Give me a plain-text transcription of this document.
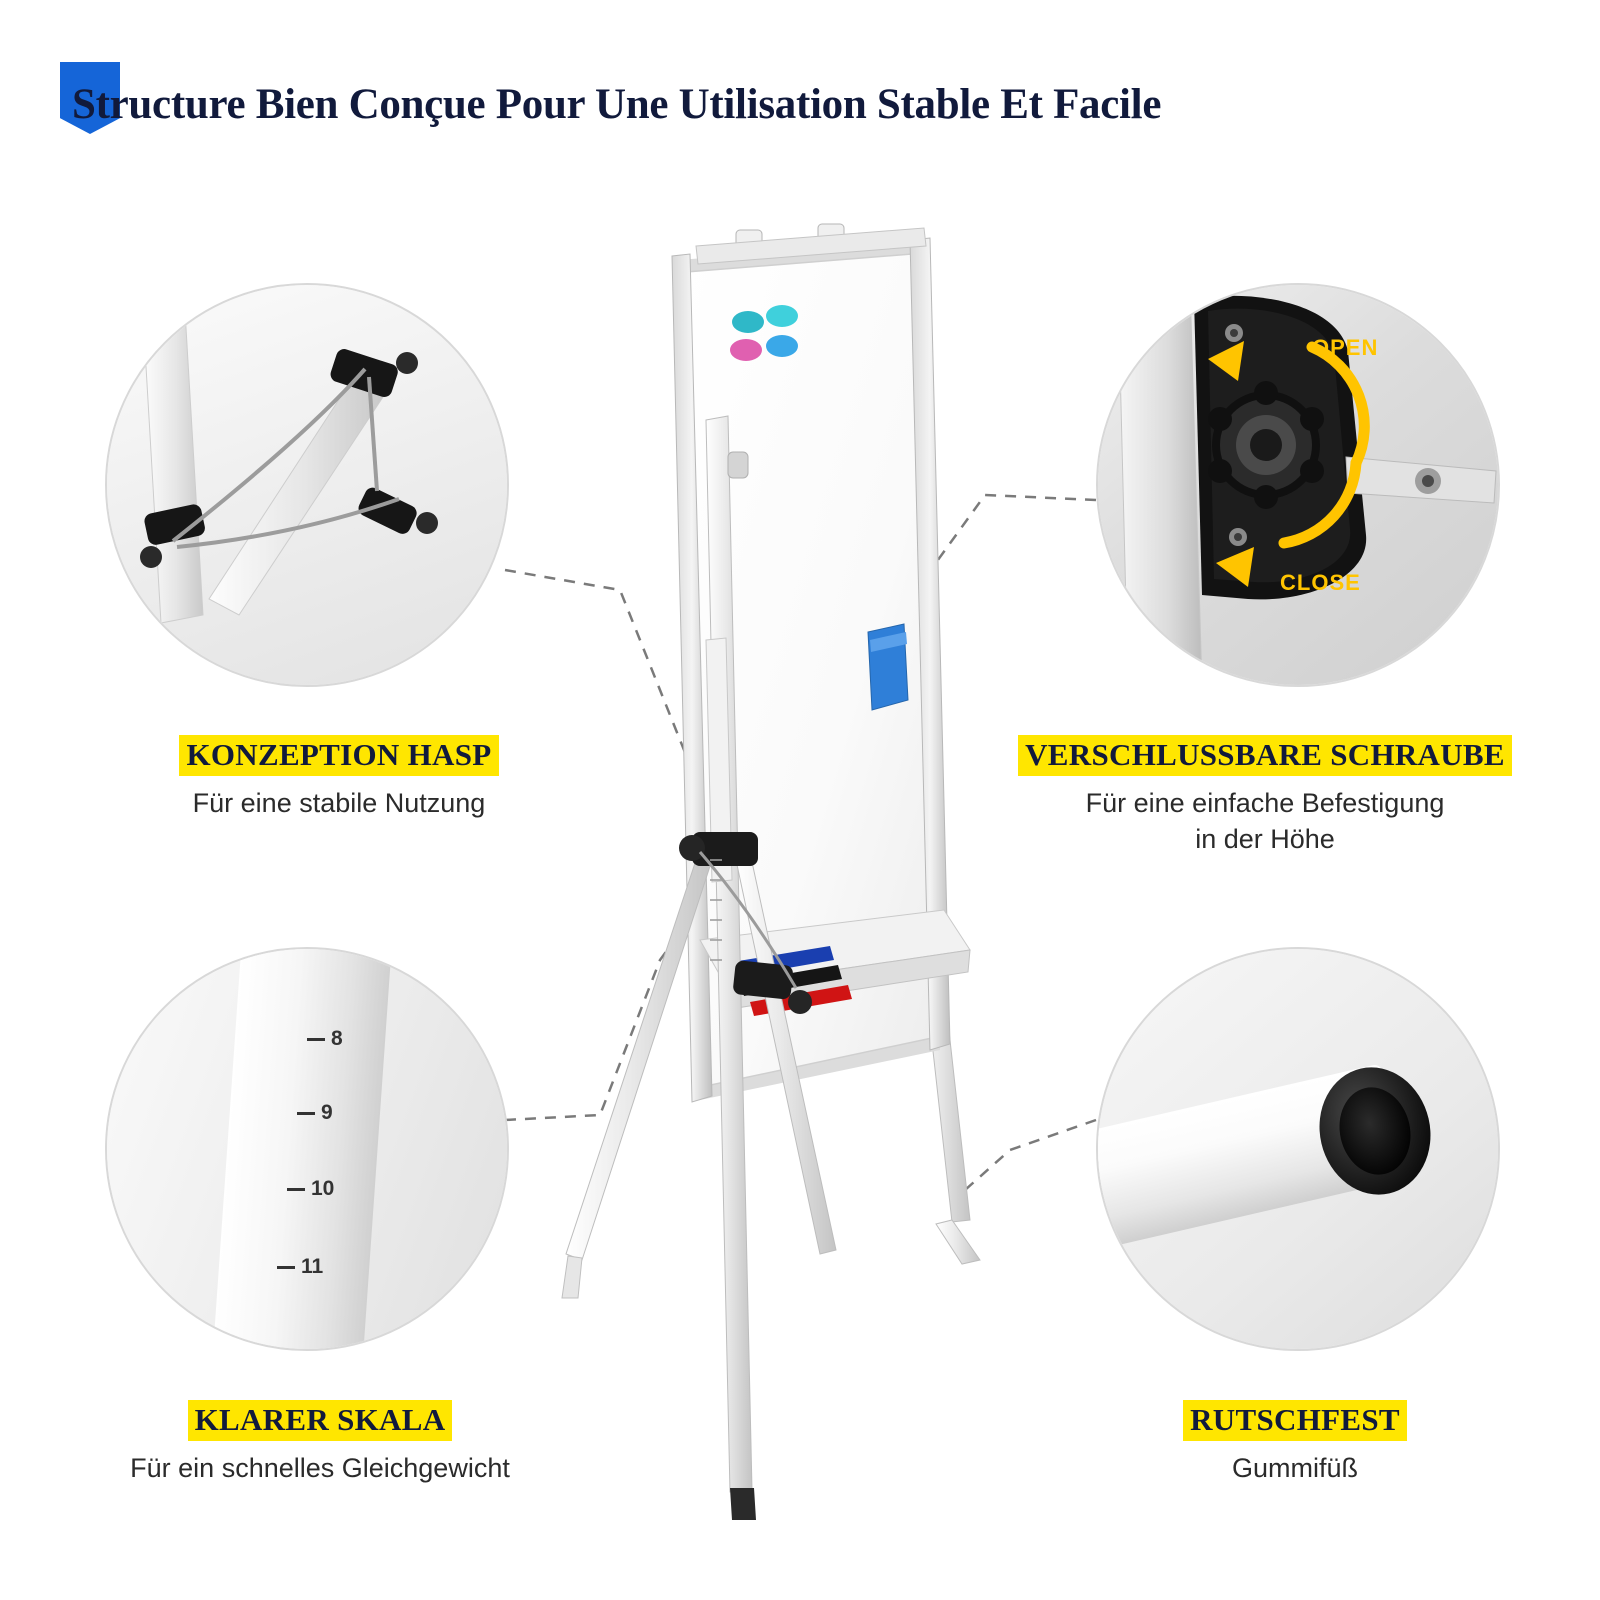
Structure Bien Conçue Pour Une Utilisation Stable Et Facile
OPEN
CLOSE
8
9
10
11
KONZEPTION HASP
Für eine stabile Nutzung
VERSCHLUSSBARE SCHRAUBE
Für eine einfache Befestigung
in der Höhe
KLARER SKALA
Für ein schnelles Gleichgewicht
RUTSCHFEST
Gummifüß
